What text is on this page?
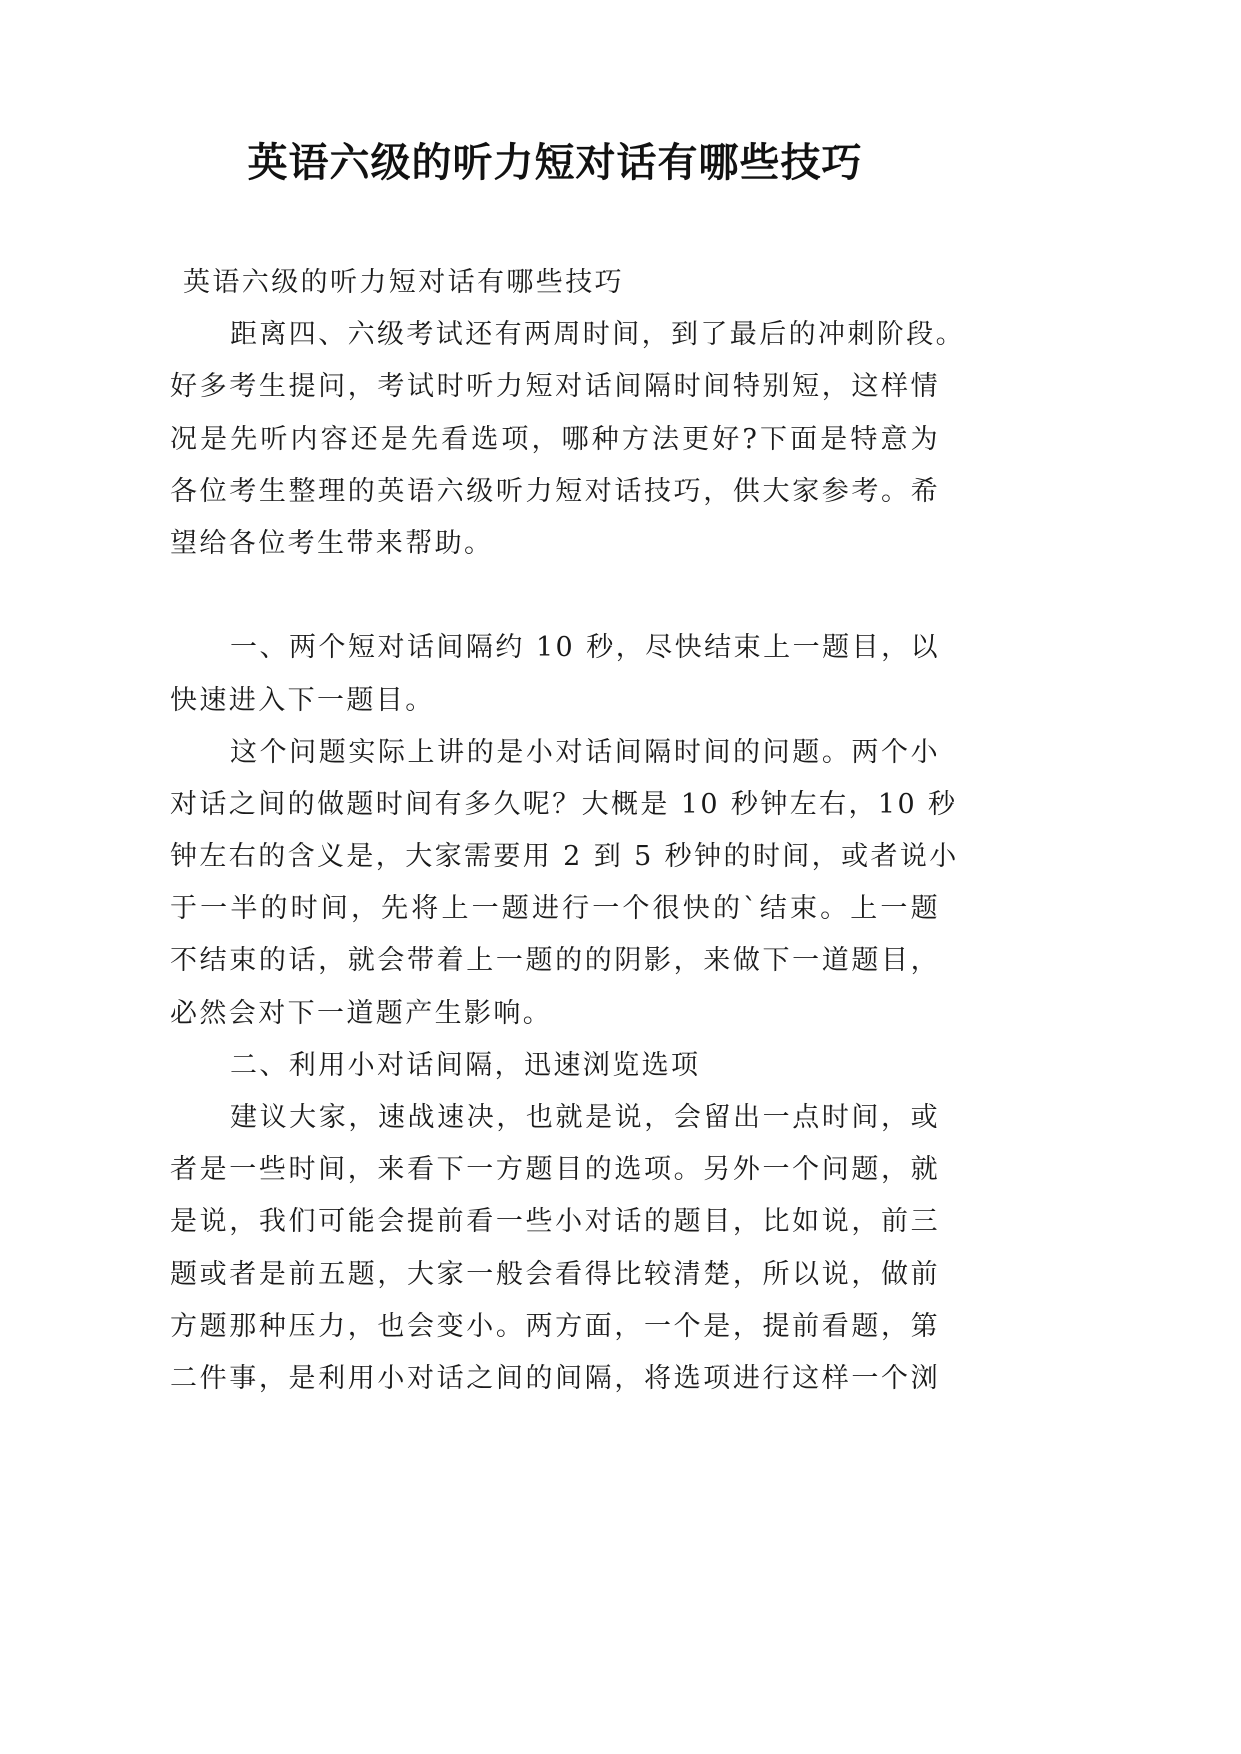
英语六级的听力短对话有哪些技巧
英语六级的听力短对话有哪些技巧
距离四、六级考试还有两周时间，到了最后的冲刺阶段。
好多考生提问，考试时听力短对话间隔时间特别短，这样情
况是先听内容还是先看选项，哪种方法更好?下面是特意为
各位考生整理的英语六级听力短对话技巧，供大家参考。希
望给各位考生带来帮助。
一、两个短对话间隔约 10 秒，尽快结束上一题目，以
快速进入下一题目。
这个问题实际上讲的是小对话间隔时间的问题。两个小
对话之间的做题时间有多久呢？大概是 10 秒钟左右，10 秒
钟左右的含义是，大家需要用 2 到 5 秒钟的时间，或者说小
于一半的时间，先将上一题进行一个很快的`结束。上一题
不结束的话，就会带着上一题的的阴影，来做下一道题目，
必然会对下一道题产生影响。
二、利用小对话间隔，迅速浏览选项
建议大家，速战速决，也就是说，会留出一点时间，或
者是一些时间，来看下一方题目的选项。另外一个问题，就
是说，我们可能会提前看一些小对话的题目，比如说，前三
题或者是前五题，大家一般会看得比较清楚，所以说，做前
方题那种压力，也会变小。两方面，一个是，提前看题，第
二件事，是利用小对话之间的间隔，将选项进行这样一个浏
